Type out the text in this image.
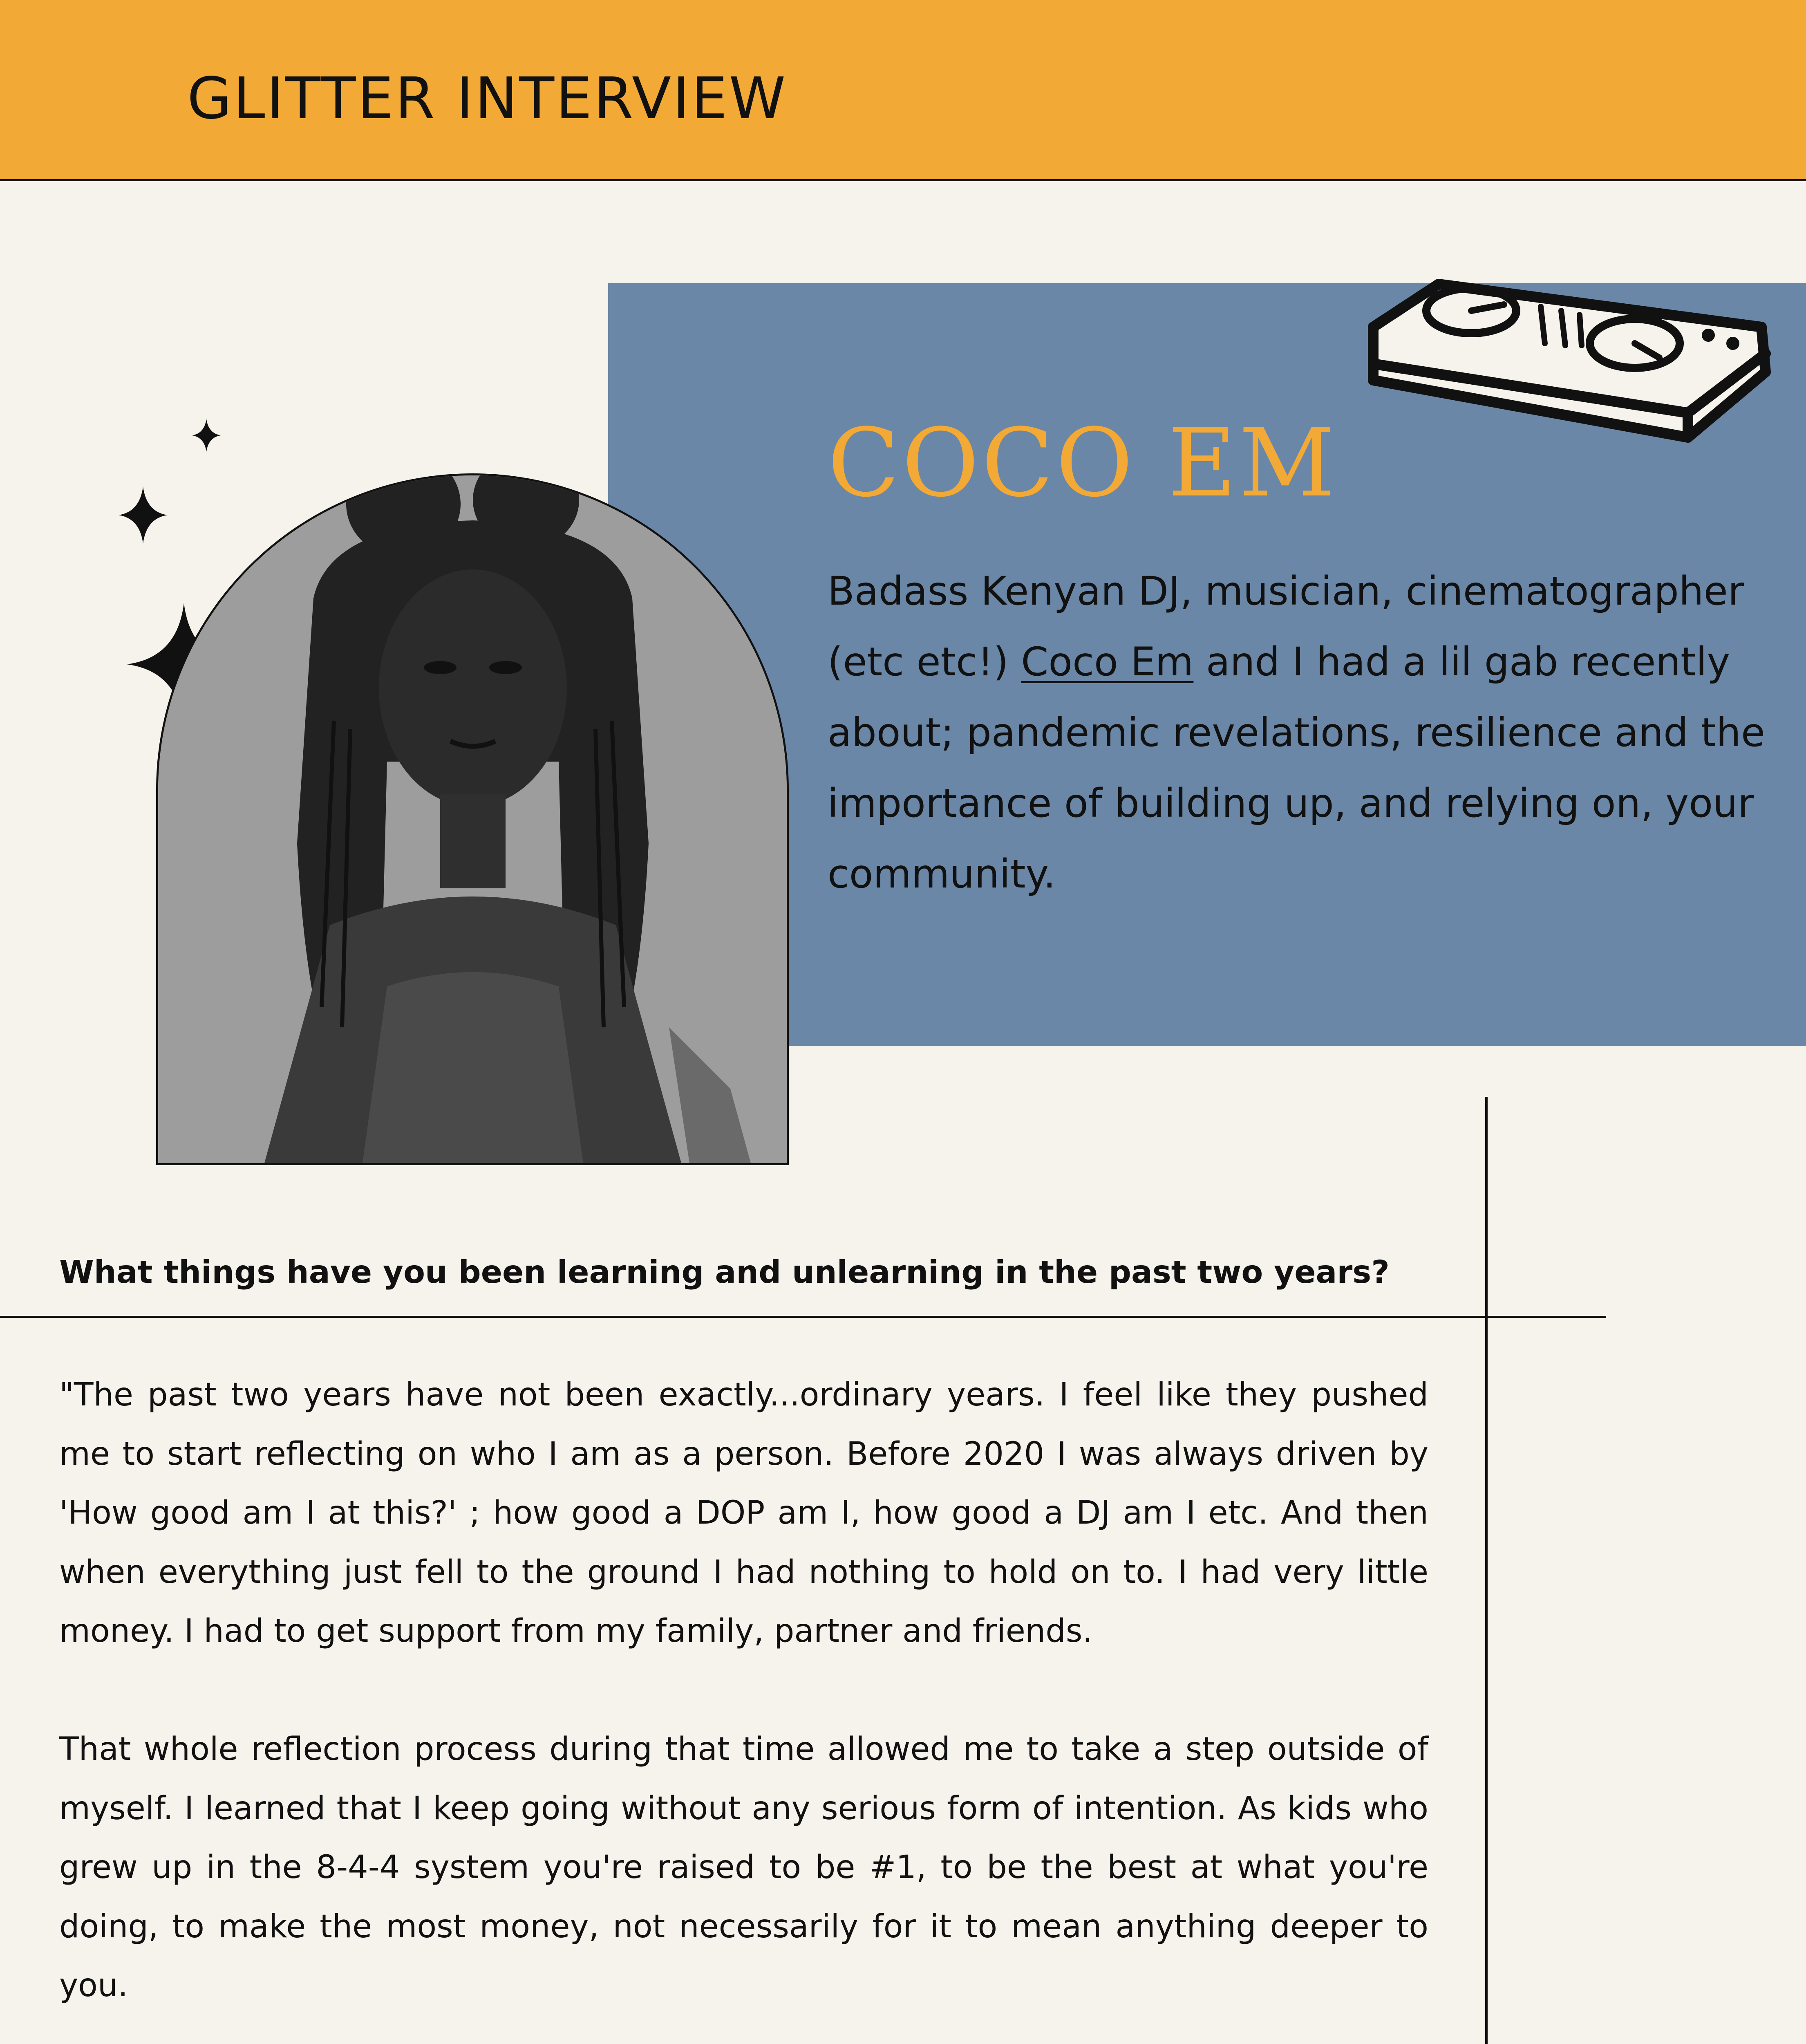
GLITTER INTERVIEW
COCO EM
Badass Kenyan DJ, musician, cinematographer (etc etc!) Coco Em and I had a lil gab recently about; pandemic revelations, resilience and the importance of building up, and relying on, your community.
What things have you been learning and unlearning in the past two years?

"The past two years have not been exactly...ordinary years. I feel like they pushed me to start reflecting on who I am as a person. Before 2020 I was always driven by 'How good am I at this?' ; how good a DOP am I, how good a DJ am I etc. And then when everything just fell to the ground I had nothing to hold on to. I had very little money. I had to get support from my family, partner and friends.

That whole reflection process during that time allowed me to take a step outside of myself. I learned that I keep going without any serious form of intention. As kids who grew up in the 8-4-4 system you're raised to be #1, to be the best at what you're doing, to make the most money, not necessarily for it to mean anything deeper to you.
